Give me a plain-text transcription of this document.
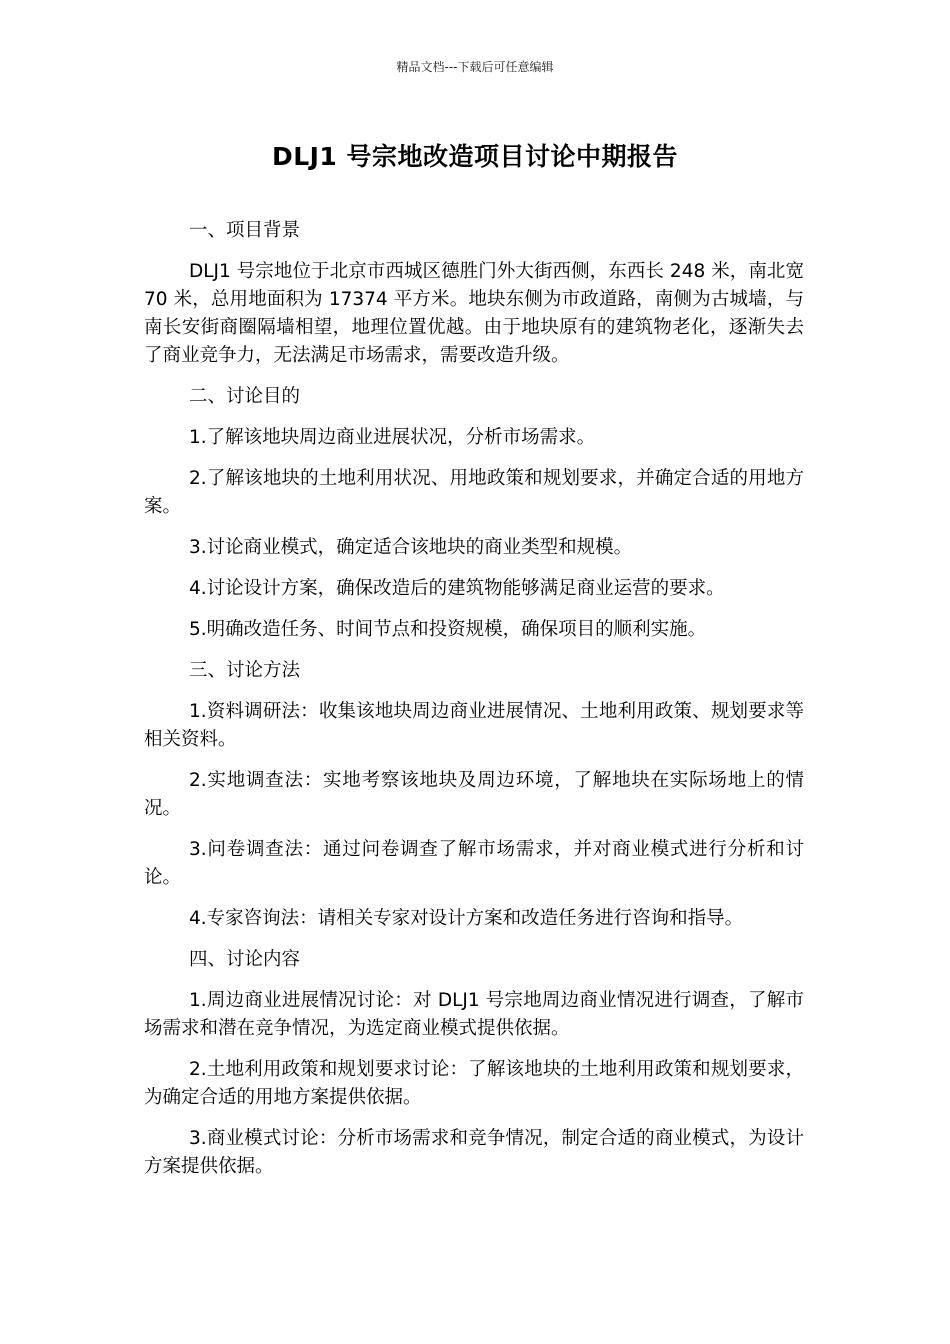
精品文档---下载后可任意编辑
DLJ1 号宗地改造项目讨论中期报告

一、项目背景

DLJ1 号宗地位于北京市西城区德胜门外大街西侧，东西长 248 米，南北宽 70 米，总用地面积为 17374 平方米。地块东侧为市政道路，南侧为古城墙，与南长安街商圈隔墙相望，地理位置优越。由于地块原有的建筑物老化，逐渐失去了商业竞争力，无法满足市场需求，需要改造升级。

二、讨论目的

1.了解该地块周边商业进展状况，分析市场需求。

2.了解该地块的土地利用状况、用地政策和规划要求，并确定合适的用地方案。

3.讨论商业模式，确定适合该地块的商业类型和规模。

4.讨论设计方案，确保改造后的建筑物能够满足商业运营的要求。

5.明确改造任务、时间节点和投资规模，确保项目的顺利实施。

三、讨论方法

1.资料调研法：收集该地块周边商业进展情况、土地利用政策、规划要求等相关资料。

2.实地调查法：实地考察该地块及周边环境，了解地块在实际场地上的情况。

3.问卷调查法：通过问卷调查了解市场需求，并对商业模式进行分析和讨论。

4.专家咨询法：请相关专家对设计方案和改造任务进行咨询和指导。

四、讨论内容

1.周边商业进展情况讨论：对 DLJ1 号宗地周边商业情况进行调查，了解市场需求和潜在竞争情况，为选定商业模式提供依据。

2.土地利用政策和规划要求讨论：了解该地块的土地利用政策和规划要求，为确定合适的用地方案提供依据。

3.商业模式讨论：分析市场需求和竞争情况，制定合适的商业模式，为设计方案提供依据。
